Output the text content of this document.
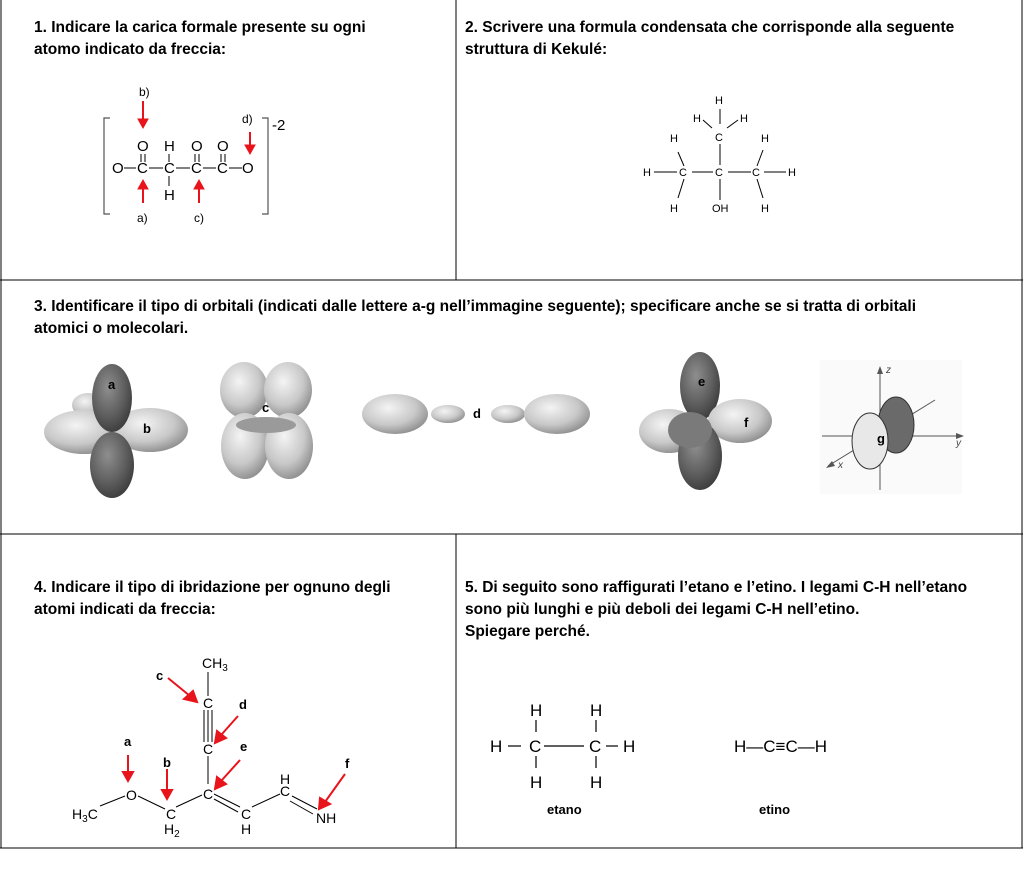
1. Indicare la carica formale presente su ogni
atomo indicato da freccia:
-2
O C C C C O
O H O O
H
b)
d)
a)	c)
2. Scrivere una formula condensata che corrisponde alla seguente
struttura di Kekulé:
H
H
C
H
H	H
H	C	C	C	H
H	OH	H
3. Identificare il tipo di orbitali (indicati dalle lettere a-g nell’immagine seguente); specificare anche se si tratta di orbitali
atomici o molecolari.
a
b
c	d
e
f
z
y
x
g
4. Indicare il tipo di ibridazione per ognuno degli
atomi indicati da freccia:
$CH_3$
C
C
C
O
$H_3C$	C
$H_2$
C
H
H
C
NH
c
d
a	e
b	f
5. Di seguito sono raffigurati l’etano e l’etino. I legami C-H nell’etano
sono più lunghi e più deboli dei legami C-H nell’etino.
Spiegare perché.
H	H
H C	C H
H	H
H—C≡C—H
etano	etino
